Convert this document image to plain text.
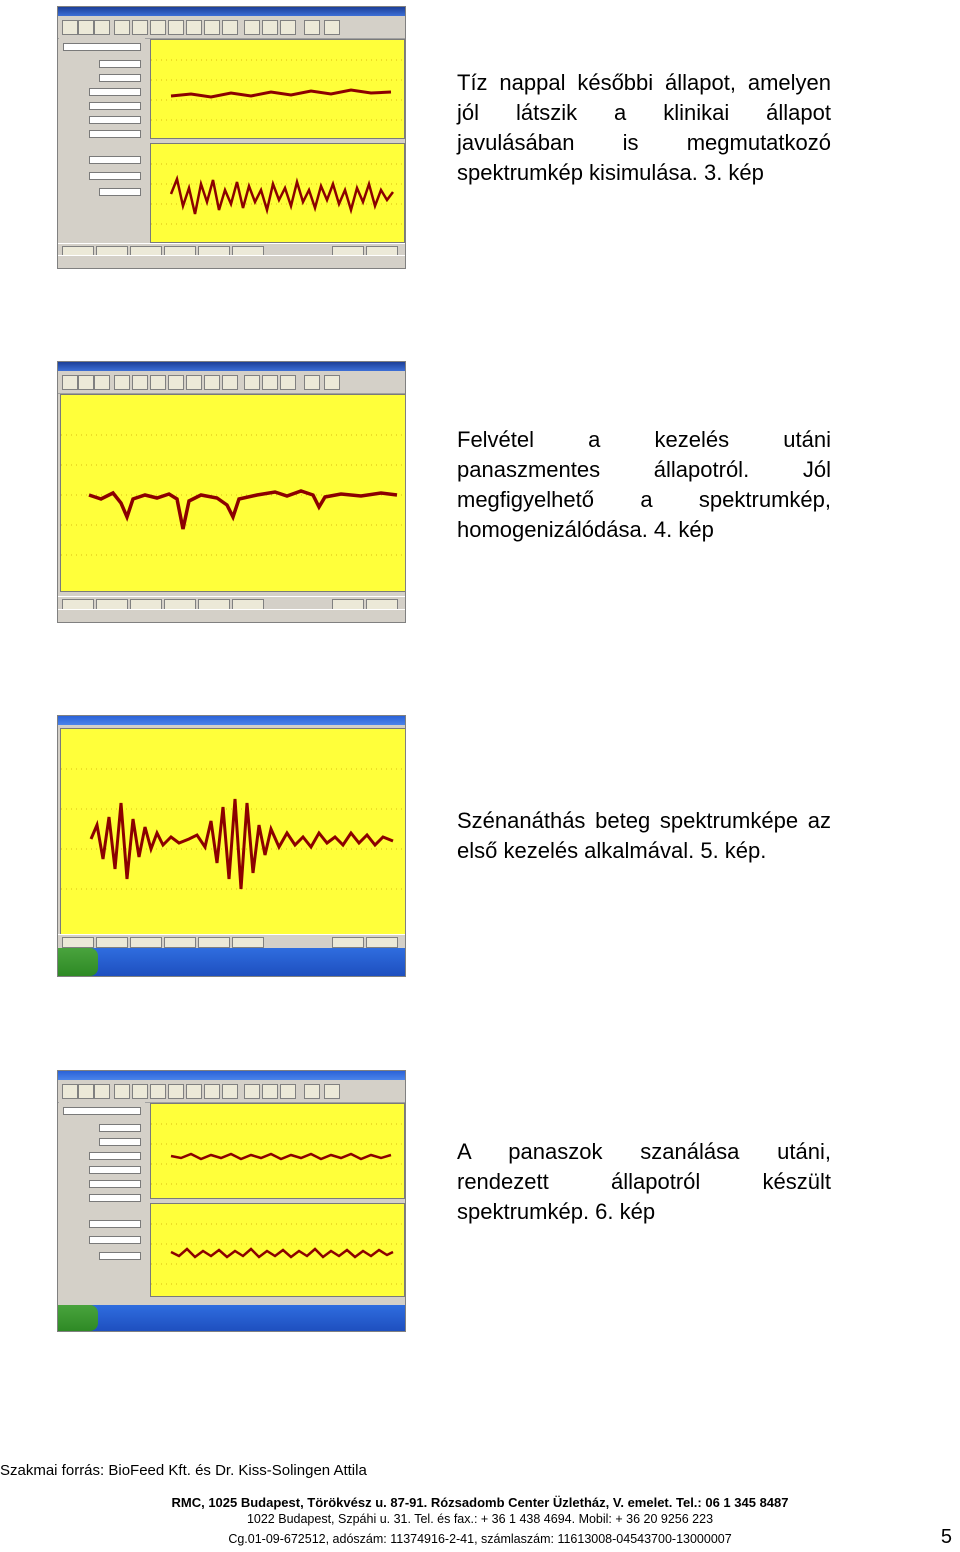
Tíz nappal későbbi állapot, amelyen jól látszik a klinikai állapot javulásában is megmutatkozó spektrumkép kisimulása. 3. kép
Felvétel a kezelés utáni panaszmentes állapotról. Jól megfigyelhető a spektrumkép, homogenizálódása. 4. kép
Szénanáthás beteg spektrumképe az első kezelés alkalmával. 5. kép.
A panaszok szanálása utáni, rendezett állapotról készült spektrumkép. 6. kép
Szakmai forrás: BioFeed Kft. és Dr. Kiss-Solingen Attila
RMC, 1025 Budapest, Törökvész u. 87-91. Rózsadomb Center Üzletház, V. emelet. Tel.: 06 1 345 8487
1022 Budapest, Szpáhi u. 31. Tel. és fax.: + 36 1 438 4694. Mobil: + 36 20 9256 223
Cg.01-09-672512, adószám: 11374916-2-41, számlaszám: 11613008-04543700-13000007	5
